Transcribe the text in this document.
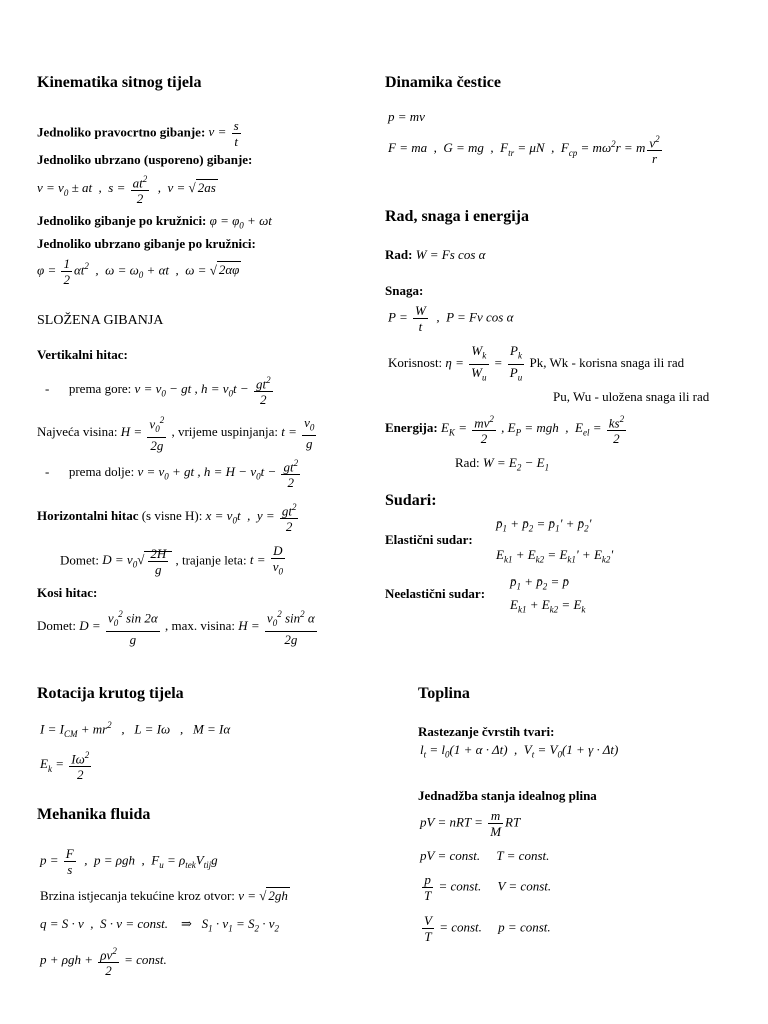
Kinematika sitnog tijela
Jednoliko pravocrtno gibanje: $v = \frac{s}{t}$
Jednoliko ubrzano (usporeno) gibanje:
$v = v_0$ ± at  ,  $s = \frac{at^2}{2}$ ,  v = √ 2as
Jednoliko gibanje po kružnici: $\varphi = \varphi_0 + \omega t$
Jednoliko ubrzano gibanje po kružnici:
$\varphi = \frac{1}{2} \alpha t^2$  ,  $\omega = \omega_0 + \alpha t$  ,  ω = √ 2αφ
SLOŽENA GIBANJA
Vertikalni hitac:
-      prema gore: $v = v_0$ − gt , $h = v_0t - \frac{gt^2}{2}$
Najveća visina: $H = \frac{v_0^2}{2g}$ , vrijeme uspinjanja: $t = \frac{v_0}{g}$
-      prema dolje: $v = v_0$ + gt , $h = H - v_0t - \frac{gt^2}{2}$
Horizontalni hitac (s visne H): $x = v_0t$  ,  $y = \frac{gt^2}{2}$
Domet: $D = v_0√ \frac{2H}{g}$ , trajanje leta: $t = \frac{D}{v_0}$
Kosi hitac:
Domet: $D = \frac{v_0^2 \sin 2\alpha}{g}$ , max. visina: $H = \frac{v_0^2 \sin^2 \alpha}{2g}$
Dinamika čestice
p = mv
F = ma  ,  G = mg  ,  $F_{tr} = \mu N$  ,  $F_{cp} = m\omega^2r = m \frac{v^2}{r}$
Rad, snaga i energija
Rad: W = Fs cos α
Snaga:
$P = \frac{W}{t}$ ,  P = Fv cos α
Korisnost: $\eta = \frac{W_k}{W_u} = \frac{P_k}{P_u} Pk$, Wk - korisna snaga ili rad
Pu, Wu - uložena snaga ili rad
Energija: $E_K = \frac{mv^2}{2}$ , $E_P$ = mgh  ,  $E_{el} = \frac{ks^2}{2}$
Rad: $W = E_2 - E_1$
Sudari:
$p̄_1$ + $p̄_2$ = $p̄_1'$ + $p̄_2'$
Elastični sudar:
$E_{k1} + E_{k2} = E_{k1}' + E_{k2}'$
$p̄_1$ + $p̄_2$ = p̄
Neelastični sudar:
$E_{k1} + E_{k2} = E_k$
Rotacija krutog tijela
$I = I_{CM} + mr^2$   ,   L = Iω   ,   M = Iα
$E_k = \frac{I\omega^2}{2}$
Mehanika fluida
$p = \frac{F}{s}$ ,  p = ρgh  ,  $F_u = \rho_{tek}V_{tij}g$
Brzina istjecanja tekućine kroz otvor: v = √ 2gh
q = S · v  ,  S · v = const.    ⇒   $S_1 \cdot v_1 = S_2 \cdot v_2$
$p + \rho gh + \frac{\rho v^2}{2}$ = const.
Toplina
Rastezanje čvrstih tvari:
$l_t = l_0(1 + \alpha \cdot \Delta t)$  ,  $V_t = V_0(1 + \gamma \cdot \Delta t)$
Jednadžba stanja idealnog plina
pV = nRT = $\frac{m}{M}$ RT
pV = const.     T = const.
$\frac{p}{T}$ = const.     V = const.
$\frac{V}{T}$ = const.     p = const.
